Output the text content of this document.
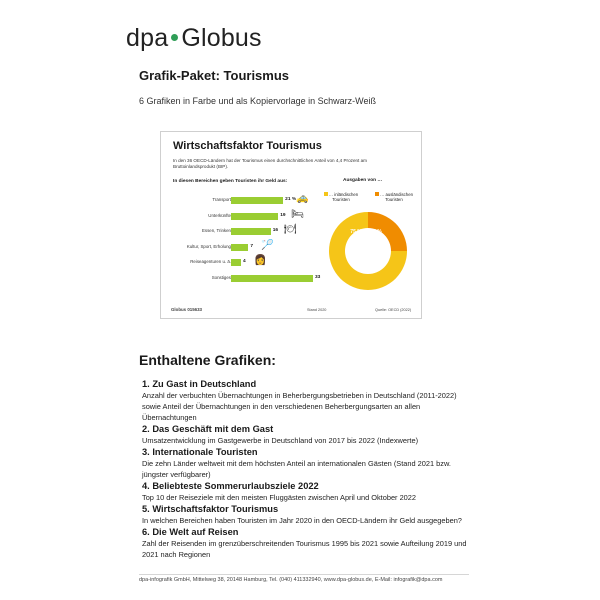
dpa Globus
Grafik-Paket: Tourismus
6 Grafiken in Farbe und als Kopiervorlage in Schwarz-Weiß
Wirtschaftsfaktor Tourismus
In den 36 OECD-Ländern hat der Tourismus einen durchschnittlichen Anteil von 4,4 Prozent am Bruttoinlandsprodukt (BIP).
In diesen Bereichen geben Touristen ihr Geld aus:
Transport	21 % 🚕
Unterkünfte	19 🛏
Essen, Trinken	16 🍽
Kultur, Sport, Erholung	7 🏸
Reiseagenturen u. ä. 4 👩
Sonstiges	33
Ausgaben von …
… inländischen Touristen
… ausländischen Touristen
75 % 25 %
Globus 015633	Stand 2020	Quelle: OECD (2022)
Enthaltene Grafiken:
1. Zu Gast in Deutschland
Anzahl der verbuchten Übernachtungen in Beherbergungsbetrieben in Deutschland (2011-2022) sowie Anteil der Übernachtungen in den verschiedenen Beherbergungsarten an allen Übernachtungen
2. Das Geschäft mit dem Gast
Umsatzentwicklung im Gastgewerbe in Deutschland von 2017 bis 2022 (Indexwerte)
3. Internationale Touristen
Die zehn Länder weltweit mit dem höchsten Anteil an internationalen Gästen (Stand 2021 bzw. jüngster verfügbarer)
4. Beliebteste Sommerurlaubsziele 2022
Top 10 der Reiseziele mit den meisten Fluggästen zwischen April und Oktober 2022
5. Wirtschaftsfaktor Tourismus
In welchen Bereichen haben Touristen im Jahr 2020 in den OECD-Ländern ihr Geld ausgegeben?
6. Die Welt auf Reisen
Zahl der Reisenden im grenzüberschreitenden Tourismus 1995 bis 2021 sowie Aufteilung 2019 und 2021 nach Regionen
dpa-infografik GmbH, Mittelweg 38, 20148 Hamburg, Tel. (040) 411332940, www.dpa-globus.de, E-Mail: infografik@dpa.com
